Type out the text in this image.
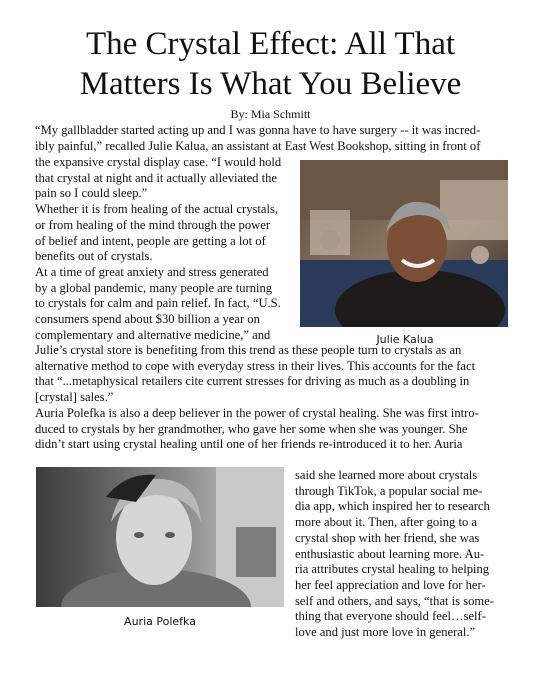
The Crystal Effect: All That
Matters Is What You Believe
By: Mia Schmitt
“My gallbladder started acting up and I was gonna have to have surgery -- it was incred-
ibly painful,” recalled Julie Kalua, an assistant at East West Bookshop, sitting in front of
the expansive crystal display case. “I would hold
that crystal at night and it actually alleviated the
pain so I could sleep.”
Whether it is from healing of the actual crystals,
or from healing of the mind through the power
of belief and intent, people are getting a lot of
benefits out of crystals.
At a time of great anxiety and stress generated
by a global pandemic, many people are turning
to crystals for calm and pain relief. In fact, “U.S.
consumers spend about $30 billion a year on
complementary and alternative medicine,” and	Julie Kalua
Julie’s crystal store is benefiting from this trend as these people turn to crystals as an
alternative method to cope with everyday stress in their lives. This accounts for the fact
that “...metaphysical retailers cite current stresses for driving as much as a doubling in
[crystal] sales.”
Auria Polefka is also a deep believer in the power of crystal healing. She was first intro-
duced to crystals by her grandmother, who gave her some when she was younger. She
didn’t start using crystal healing until one of her friends re-introduced it to her. Auria
Auria Polefka
said she learned more about crystals
through TikTok, a popular social me-
dia app, which inspired her to research
more about it. Then, after going to a
crystal shop with her friend, she was
enthusiastic about learning more. Au-
ria attributes crystal healing to helping
her feel appreciation and love for her-
self and others, and says, “that is some-
thing that everyone should feel…self-
love and just more love in general.”
